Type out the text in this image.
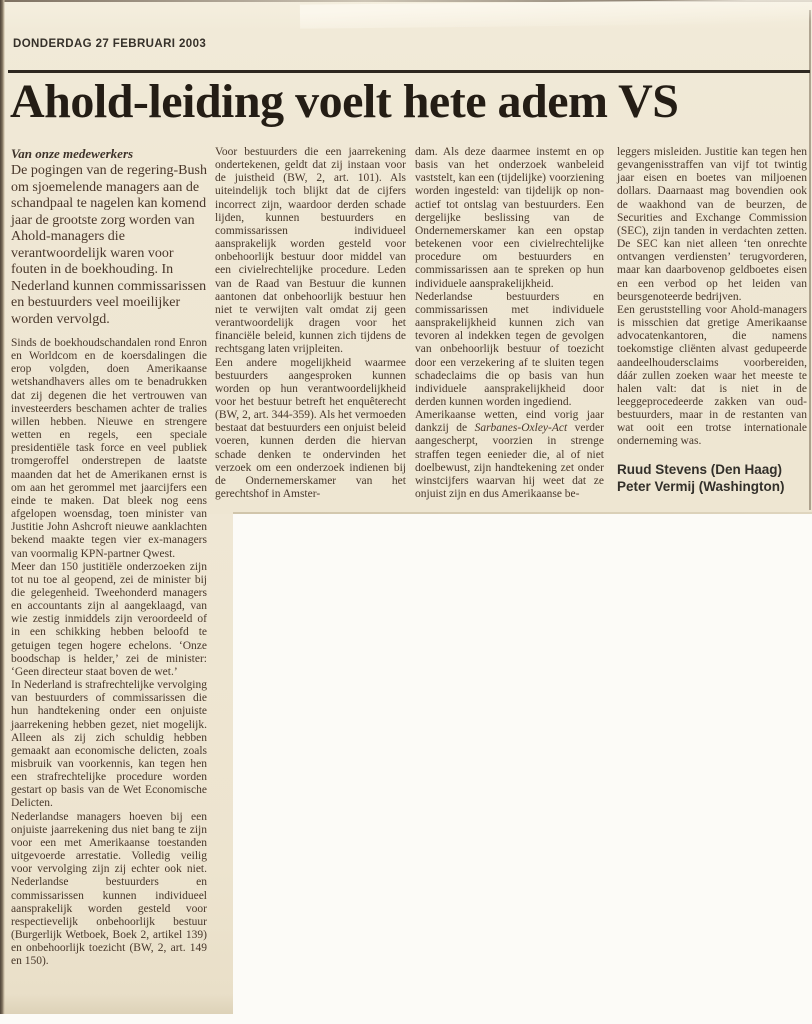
DONDERDAG 27 FEBRUARI 2003
Ahold-leiding voelt hete adem VS
Van onze medewerkers
De pogingen van de regering-Bush om sjoemelende managers aan de schandpaal te nagelen kan komend jaar de grootste zorg worden van Ahold-managers die verantwoordelijk waren voor fouten in de boekhouding. In Nederland kunnen commissarissen en bestuurders veel moeilijker worden vervolgd.

Sinds de boekhoudschandalen rond Enron en Worldcom en de koersdalingen die erop volgden, doen Amerikaanse wetshandhavers alles om te benadrukken dat zij degenen die het vertrouwen van investeerders beschamen achter de tralies willen hebben. Nieuwe en strengere wetten en regels, een speciale presidentiële task force en veel publiek tromgeroffel onderstrepen de laatste maanden dat het de Amerikanen ernst is om aan het gerommel met jaarcijfers een einde te maken. Dat bleek nog eens afgelopen woensdag, toen minister van Justitie John Ashcroft nieuwe aanklachten bekend maakte tegen vier ex-managers van voormalig KPN-partner Qwest.

Meer dan 150 justitiële onderzoeken zijn tot nu toe al geopend, zei de minister bij die gelegenheid. Tweehonderd managers en accountants zijn al aangeklaagd, van wie zestig inmiddels zijn veroordeeld of in een schikking hebben beloofd te getuigen tegen hogere echelons. ‘Onze boodschap is helder,’ zei de minister: ‘Geen directeur staat boven de wet.’

In Nederland is strafrechtelijke vervolging van bestuurders of commissarissen die hun handtekening onder een onjuiste jaarrekening hebben gezet, niet mogelijk. Alleen als zij zich schuldig hebben gemaakt aan economische delicten, zoals misbruik van voorkennis, kan tegen hen een strafrechtelijke procedure worden gestart op basis van de Wet Economische Delicten.

Nederlandse managers hoeven bij een onjuiste jaarrekening dus niet bang te zijn voor een met Amerikaanse toestanden uitgevoerde arrestatie. Volledig veilig voor vervolging zijn zij echter ook niet. Nederlandse bestuurders en commissarissen kunnen individueel aansprakelijk worden gesteld voor respectievelijk onbehoorlijk bestuur (Burgerlijk Wetboek, Boek 2, artikel 139) en onbehoorlijk toezicht (BW, 2, art. 149 en 150).

Voor bestuurders die een jaarrekening ondertekenen, geldt dat zij instaan voor de juistheid (BW, 2, art. 101). Als uiteindelijk toch blijkt dat de cijfers incorrect zijn, waardoor derden schade lijden, kunnen bestuurders en commissarissen individueel aansprakelijk worden gesteld voor onbehoorlijk bestuur door middel van een civielrechtelijke procedure. Leden van de Raad van Bestuur die kunnen aantonen dat onbehoorlijk bestuur hen niet te verwijten valt omdat zij geen verantwoordelijk dragen voor het financiële beleid, kunnen zich tijdens de rechtsgang laten vrijpleiten.

Een andere mogelijkheid waarmee bestuurders aangesproken kunnen worden op hun verantwoordelijkheid voor het bestuur betreft het enquêterecht (BW, 2, art. 344-359). Als het vermoeden bestaat dat bestuurders een onjuist beleid voeren, kunnen derden die hiervan schade denken te ondervinden het verzoek om een onderzoek indienen bij de Ondernemerskamer van het gerechtshof in Amster-

dam. Als deze daarmee instemt en op basis van het onderzoek wanbeleid vaststelt, kan een (tijdelijke) voorziening worden ingesteld: van tijdelijk op non-actief tot ontslag van bestuurders. Een dergelijke beslissing van de Ondernemerskamer kan een opstap betekenen voor een civielrechtelijke procedure om bestuurders en commissarissen aan te spreken op hun individuele aansprakelijkheid.

Nederlandse bestuurders en commissarissen met individuele aansprakelijkheid kunnen zich van tevoren al indekken tegen de gevolgen van onbehoorlijk bestuur of toezicht door een verzekering af te sluiten tegen schadeclaims die op basis van hun individuele aansprakelijkheid door derden kunnen worden ingediend.

Amerikaanse wetten, eind vorig jaar dankzij de Sarbanes-Oxley-Act verder aangescherpt, voorzien in strenge straffen tegen eenieder die, al of niet doelbewust, zijn handtekening zet onder winstcijfers waarvan hij weet dat ze onjuist zijn en dus Amerikaanse be-

leggers misleiden. Justitie kan tegen hen gevangenisstraffen van vijf tot twintig jaar eisen en boetes van miljoenen dollars. Daarnaast mag bovendien ook de waakhond van de beurzen, de Securities and Exchange Commission (SEC), zijn tanden in verdachten zetten. De SEC kan niet alleen ‘ten onrechte ontvangen verdiensten’ terugvorderen, maar kan daarbovenop geldboetes eisen en een verbod op het leiden van beursgenoteerde bedrijven.

Een geruststelling voor Ahold-managers is misschien dat gretige Amerikaanse advocatenkantoren, die namens toekomstige cliënten alvast gedupeerde aandeelhoudersclaims voorbereiden, dáár zullen zoeken waar het meeste te halen valt: dat is niet in de leeggeprocedeerde zakken van oud-bestuurders, maar in de restanten van wat ooit een trotse internationale onderneming was.

Ruud Stevens (Den Haag)
Peter Vermij (Washington)
